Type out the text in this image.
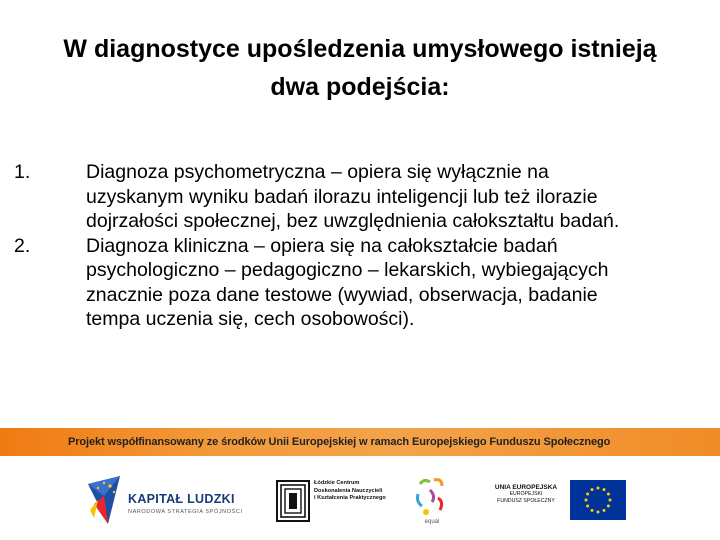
W diagnostyce upośledzenia umysłowego istnieją
dwa podejścia:
1.	Diagnoza psychometryczna – opiera się wyłącznie na
uzyskanym wyniku badań ilorazu inteligencji lub też ilorazie
dojrzałości społecznej, bez uwzględnienia całokształtu badań.
2.	Diagnoza kliniczna – opiera się na całokształcie badań
psychologiczno – pedagogiczno – lekarskich, wybiegających
znacznie poza dane testowe (wywiad, obserwacja, badanie
tempa uczenia się, cech osobowości).
Projekt współfinansowany ze środków Unii Europejskiej w ramach Europejskiego Funduszu Społecznego
KAPITAŁ LUDZKI
NARODOWA STRATEGIA SPÓJNOŚCI
Łódzkie Centrum
Doskonalenia Nauczycieli
i Kształcenia Praktycznego
equal
UNIA EUROPEJSKA
EUROPEJSKI
FUNDUSZ SPOŁECZNY
